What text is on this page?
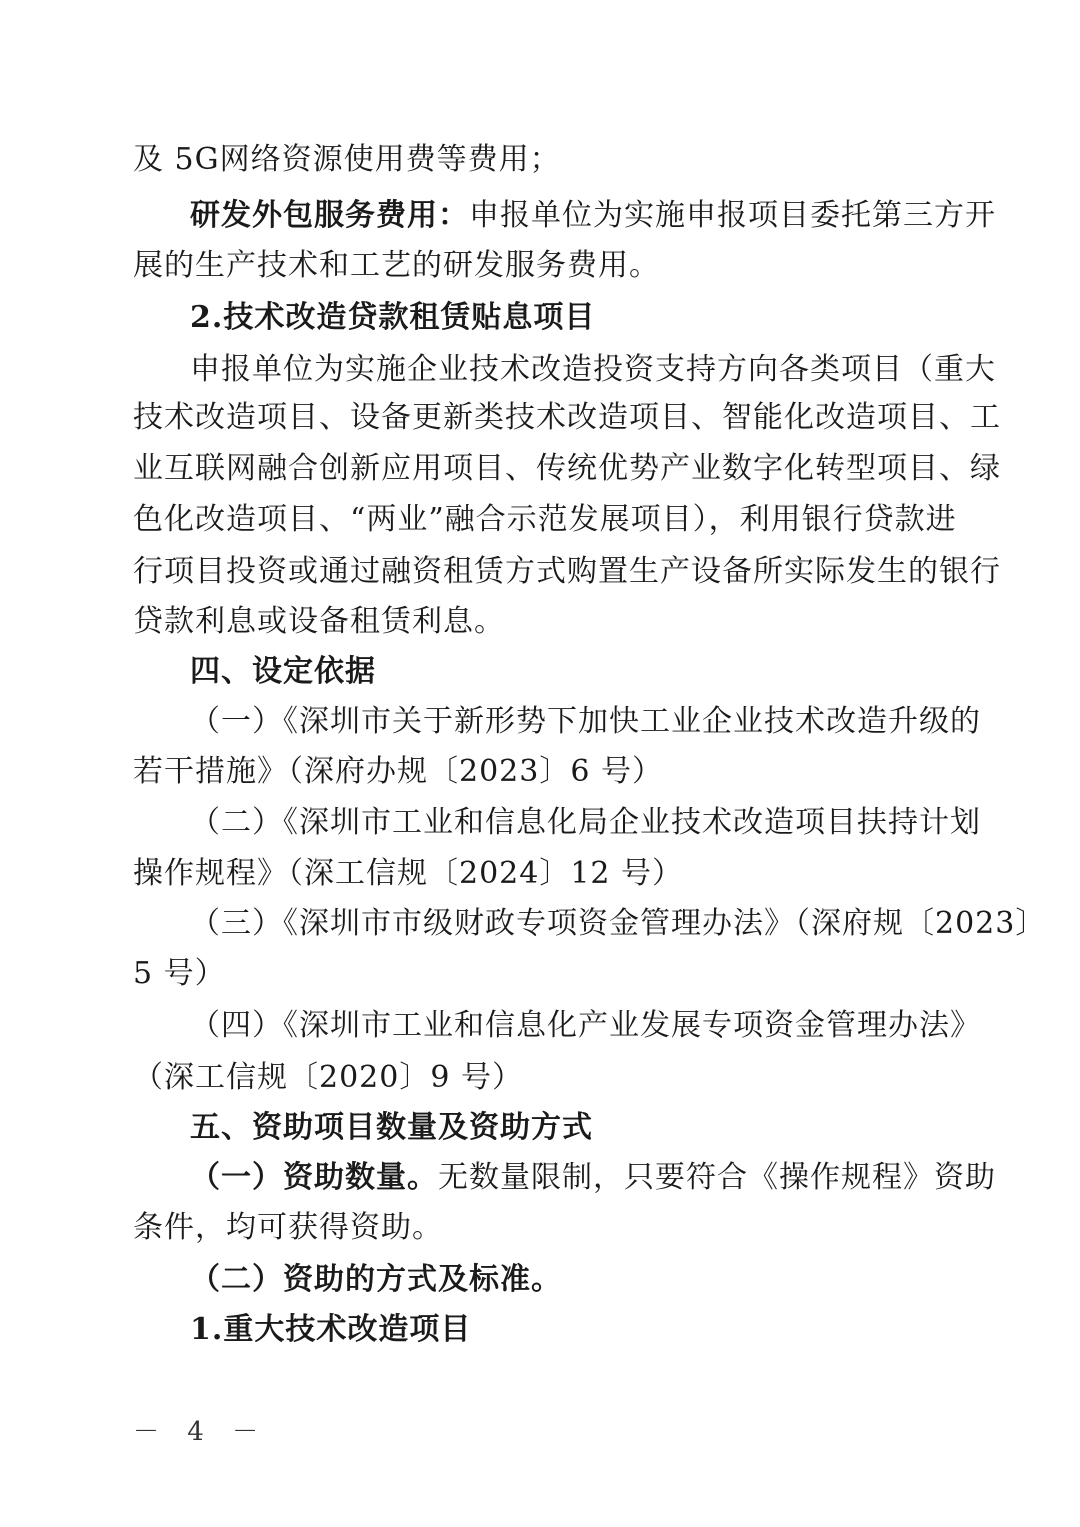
及 5G网络资源使用费等费用；
研发外包服务费用：申报单位为实施申报项目委托第三方开
展的生产技术和工艺的研发服务费用。
2.技术改造贷款租赁贴息项目
申报单位为实施企业技术改造投资支持方向各类项目（重大
技术改造项目、设备更新类技术改造项目、智能化改造项目、工
业互联网融合创新应用项目、传统优势产业数字化转型项目、绿
色化改造项目、“两业”融合示范发展项目），利用银行贷款进
行项目投资或通过融资租赁方式购置生产设备所实际发生的银行
贷款利息或设备租赁利息。
四、设定依据
（一）《深圳市关于新形势下加快工业企业技术改造升级的
若干措施》（深府办规〔2023〕6 号）
（二）《深圳市工业和信息化局企业技术改造项目扶持计划
操作规程》（深工信规〔2024〕12 号）
（三）《深圳市市级财政专项资金管理办法》（深府规〔2023〕
5 号）
（四）《深圳市工业和信息化产业发展专项资金管理办法》
（深工信规〔2020〕9 号）
五、资助项目数量及资助方式
（一）资助数量。无数量限制，只要符合《操作规程》资助
条件，均可获得资助。
（二）资助的方式及标准。
1.重大技术改造项目
－ 4 －
